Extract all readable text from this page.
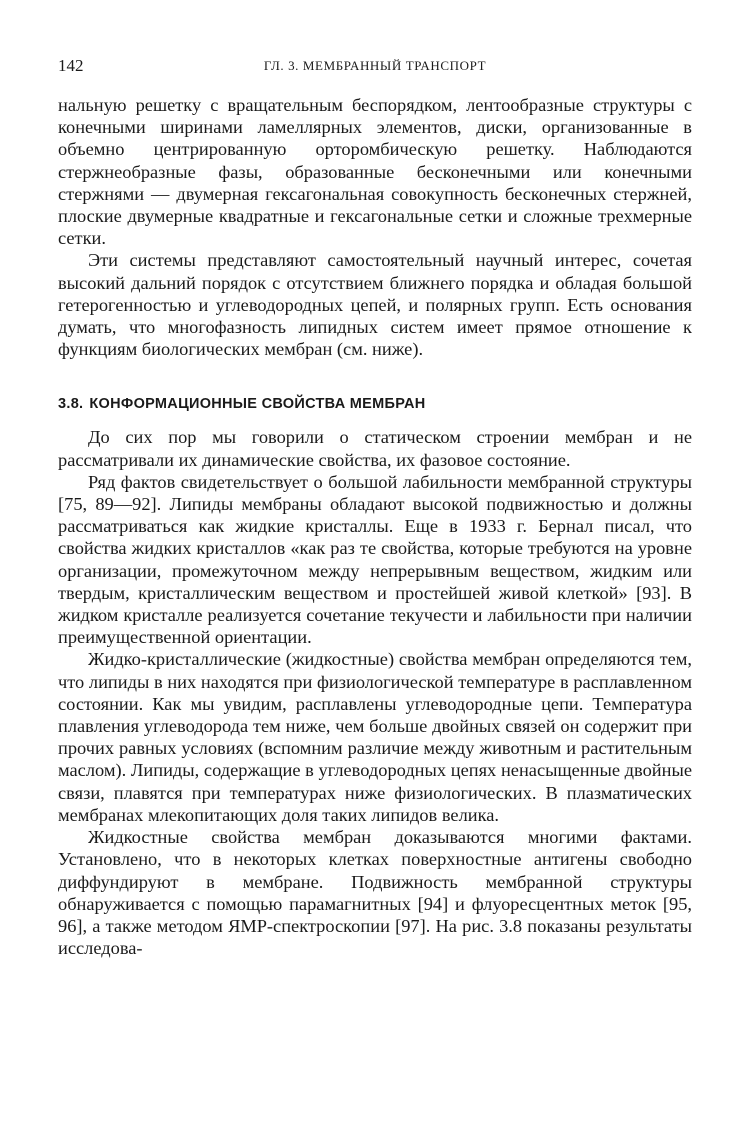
142	ГЛ. 3. МЕМБРАННЫЙ ТРАНСПОРТ

нальную решетку с вращательным беспорядком, лентообразные структуры с конечными ширинами ламеллярных элементов, диски, организованные в объемно центрированную орторомбическую решетку. Наблюдаются стержнеобразные фазы, образованные бесконечными или конечными стержнями — двумерная гексагональная совокупность бесконечных стержней, плоские двумерные квадратные и гексагональные сетки и сложные трехмерные сетки.

Эти системы представляют самостоятельный научный интерес, сочетая высокий дальний порядок с отсутствием ближнего порядка и обладая большой гетерогенностью и углеводородных цепей, и полярных групп. Есть основания думать, что многофазность липидных систем имеет прямое отношение к функциям биологических мембран (см. ниже).

3.8. КОНФОРМАЦИОННЫЕ СВОЙСТВА МЕМБРАН

До сих пор мы говорили о статическом строении мембран и не рассматривали их динамические свойства, их фазовое состояние.

Ряд фактов свидетельствует о большой лабильности мембранной структуры [75, 89—92]. Липиды мембраны обладают высокой подвижностью и должны рассматриваться как жидкие кристаллы. Еще в 1933 г. Бернал писал, что свойства жидких кристаллов «как раз те свойства, которые требуются на уровне организации, промежуточном между непрерывным веществом, жидким или твердым, кристаллическим веществом и простейшей живой клеткой» [93]. В жидком кристалле реализуется сочетание текучести и лабильности при наличии преимущественной ориентации.

Жидко-кристаллические (жидкостные) свойства мембран определяются тем, что липиды в них находятся при физиологической температуре в расплавленном состоянии. Как мы увидим, расплавлены углеводородные цепи. Температура плавления углеводорода тем ниже, чем больше двойных связей он содержит при прочих равных условиях (вспомним различие между животным и растительным маслом). Липиды, содержащие в углеводородных цепях ненасыщенные двойные связи, плавятся при температурах ниже физиологических. В плазматических мембранах млекопитающих доля таких липидов велика.

Жидкостные свойства мембран доказываются многими фактами. Установлено, что в некоторых клетках поверхностные антигены свободно диффундируют в мембране. Подвижность мембранной структуры обнаруживается с помощью парамагнитных [94] и флуоресцентных меток [95, 96], а также методом ЯМР-спектроскопии [97]. На рис. 3.8 показаны результаты исследова-
